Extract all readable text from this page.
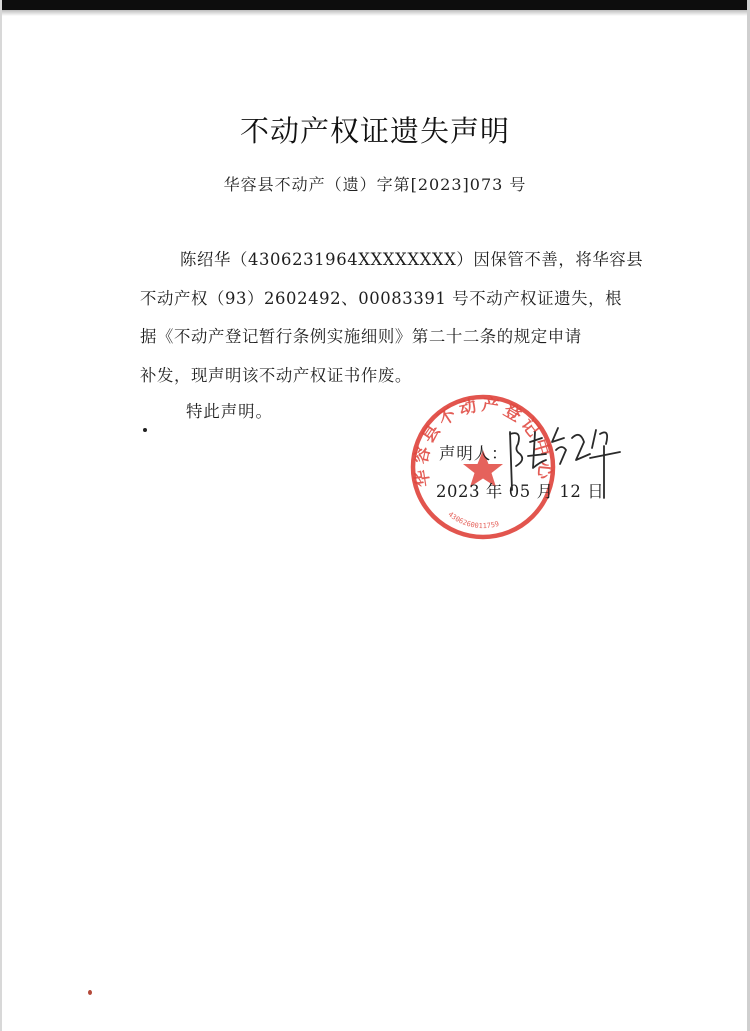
不动产权证遗失声明
华容县不动产（遗）字第[2023]073 号
陈绍华（4306231964XXXXXXXX）因保管不善，将华容县
不动产权（93）2602492、00083391 号不动产权证遗失，根
据《不动产登记暂行条例实施细则》第二十二条的规定申请
补发，现声明该不动产权证书作废。
特此声明。
华容县不动产登记中心
4306260011759
声明人：
2023 年 05 月 12 日
